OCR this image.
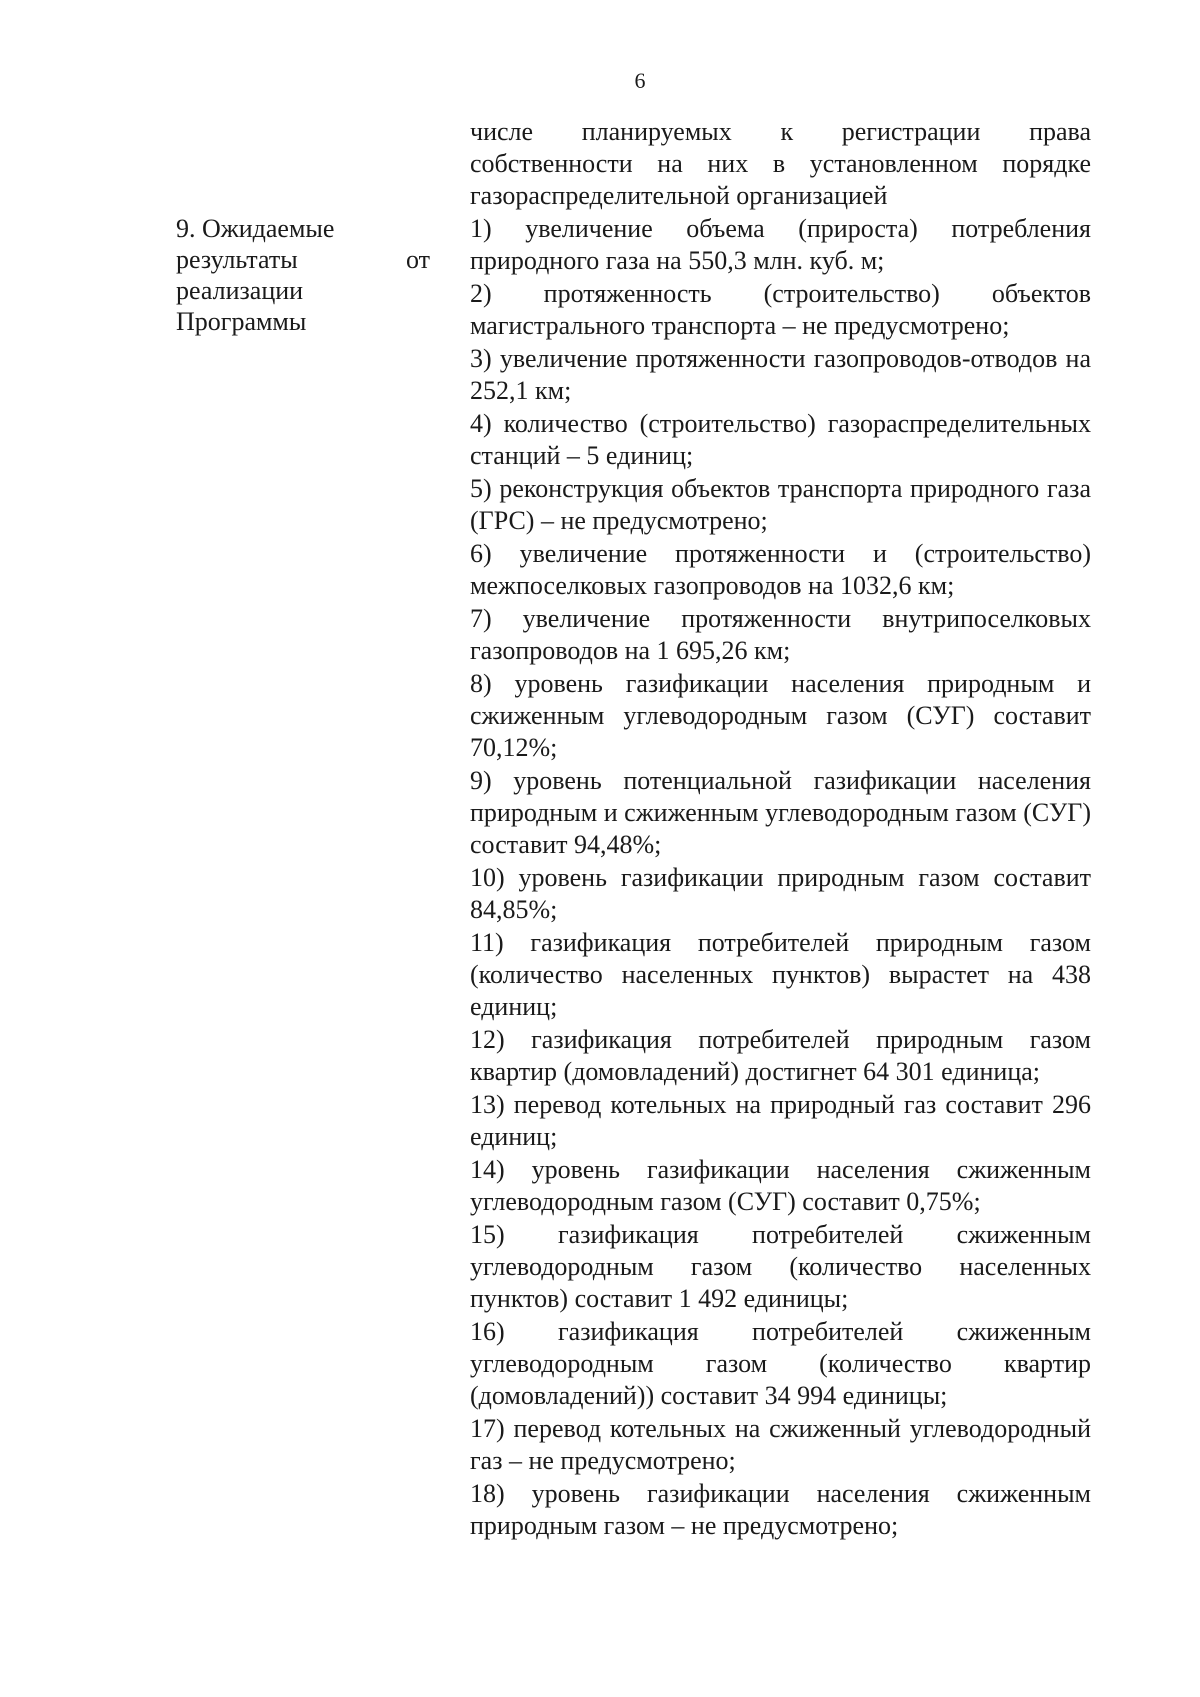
6
9. Ожидаемые
результаты	от
реализации
Программы

числе планируемых к регистрации права собственности на них в установленном порядке газораспределительной организацией

1) увеличение объема (прироста) потребления природного газа на 550,3 млн. куб. м;

2) протяженность (строительство) объектов магистрального транспорта – не предусмотрено;

3) увеличение протяженности газопроводов-отводов на 252,1 км;

4) количество (строительство) газораспределительных станций – 5 единиц;

5) реконструкция объектов транспорта природного газа (ГРС) – не предусмотрено;

6) увеличение протяженности и (строительство) межпоселковых газопроводов на 1032,6 км;

7) увеличение протяженности внутрипоселковых газопроводов на 1 695,26 км;

8) уровень газификации населения природным и сжиженным углеводородным газом (СУГ) составит 70,12%;

9) уровень потенциальной газификации населения природным и сжиженным углеводородным газом (СУГ) составит 94,48%;

10) уровень газификации природным газом составит 84,85%;

11) газификация потребителей природным газом (количество населенных пунктов) вырастет на 438 единиц;

12) газификация потребителей природным газом квартир (домовладений) достигнет 64 301 единица;

13) перевод котельных на природный газ составит 296 единиц;

14) уровень газификации населения сжиженным углеводородным газом (СУГ) составит 0,75%;

15) газификация потребителей сжиженным углеводородным газом (количество населенных пунктов) составит 1 492 единицы;

16) газификация потребителей сжиженным углеводородным газом (количество квартир (домовладений)) составит 34 994 единицы;

17) перевод котельных на сжиженный углеводородный газ – не предусмотрено;

18) уровень газификации населения сжиженным природным газом – не предусмотрено;
